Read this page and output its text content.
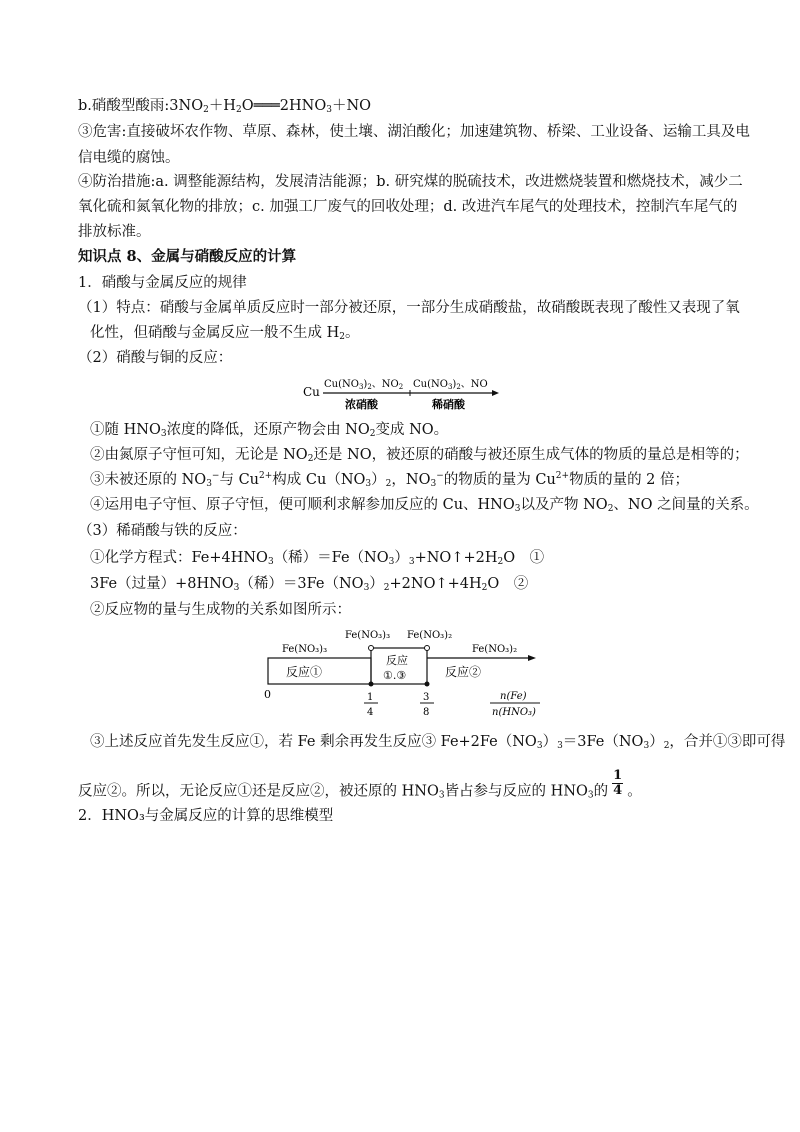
b.硝酸型酸雨$:3NO_2+H_2O═══2HNO_3+NO$
③危害:直接破坏农作物、草原、森林，使土壤、湖泊酸化；加速建筑物、桥梁、工业设备、运输工具及电
信电缆的腐蚀。
④防治措施:a. 调整能源结构，发展清洁能源；b. 研究煤的脱硫技术，改进燃烧装置和燃烧技术，减少二
氧化硫和氮氧化物的排放；c. 加强工厂废气的回收处理；d. 改进汽车尾气的处理技术，控制汽车尾气的
排放标准。
知识点 8、金属与硝酸反应的计算
1．硝酸与金属反应的规律
（1）特点：硝酸与金属单质反应时一部分被还原，一部分生成硝酸盐，故硝酸既表现了酸性又表现了氧
化性，但硝酸与金属反应一般不生成 $H_2$。
（2）硝酸与铜的反应：
Cu
$Cu(NO_3)_2$、$NO_2$ $Cu(NO_3)_2$、NO
浓硝酸	稀硝酸
①随 $HNO_3$浓度的降低，还原产物会由 $NO_2$变成 NO。
②由氮原子守恒可知，无论是 $NO_2$还是 NO，被还原的硝酸与被还原生成气体的物质的量总是相等的；
③未被还原的 $NO_3^-$与 $Cu^{2+}$构成 $Cu(NO_3)_2$，$NO_3^-$的物质的量为 $Cu^{2+}$物质的量的 2 倍；
④运用电子守恒、原子守恒，便可顺利求解参加反应的 Cu、$HNO_3$以及产物 $NO_2$、NO 之间量的关系。
（3）稀硝酸与铁的反应：
①化学方程式：$Fe+4HNO_3$（稀）$=Fe(NO_3)_3+NO↑+2H_2O$　①
3Fe（过量）$+8HNO_3$（稀）$=3Fe(NO_3)_2+2NO↑+4H_2O$　②
②反应物的量与生成物的关系如图所示：
Fe(NO₃)₃
Fe(NO₃)₃ Fe(NO₃)₂
Fe(NO₃)₂
反应①
反应
①.③	反应②
0	1
4
3
8
n(Fe)
n(HNO₃)
③上述反应首先发生反应①，若 Fe 剩余再发生反应③ $Fe+2Fe(NO_3)_3=3Fe(NO_3)_2$，合并①③即可得
反应②。所以，无论反应①还是反应②，被还原的 $HNO_3$皆占参与反应的 $HNO_3$的 $\frac{1}{4}$ 。
2．HNO₃与金属反应的计算的思维模型
